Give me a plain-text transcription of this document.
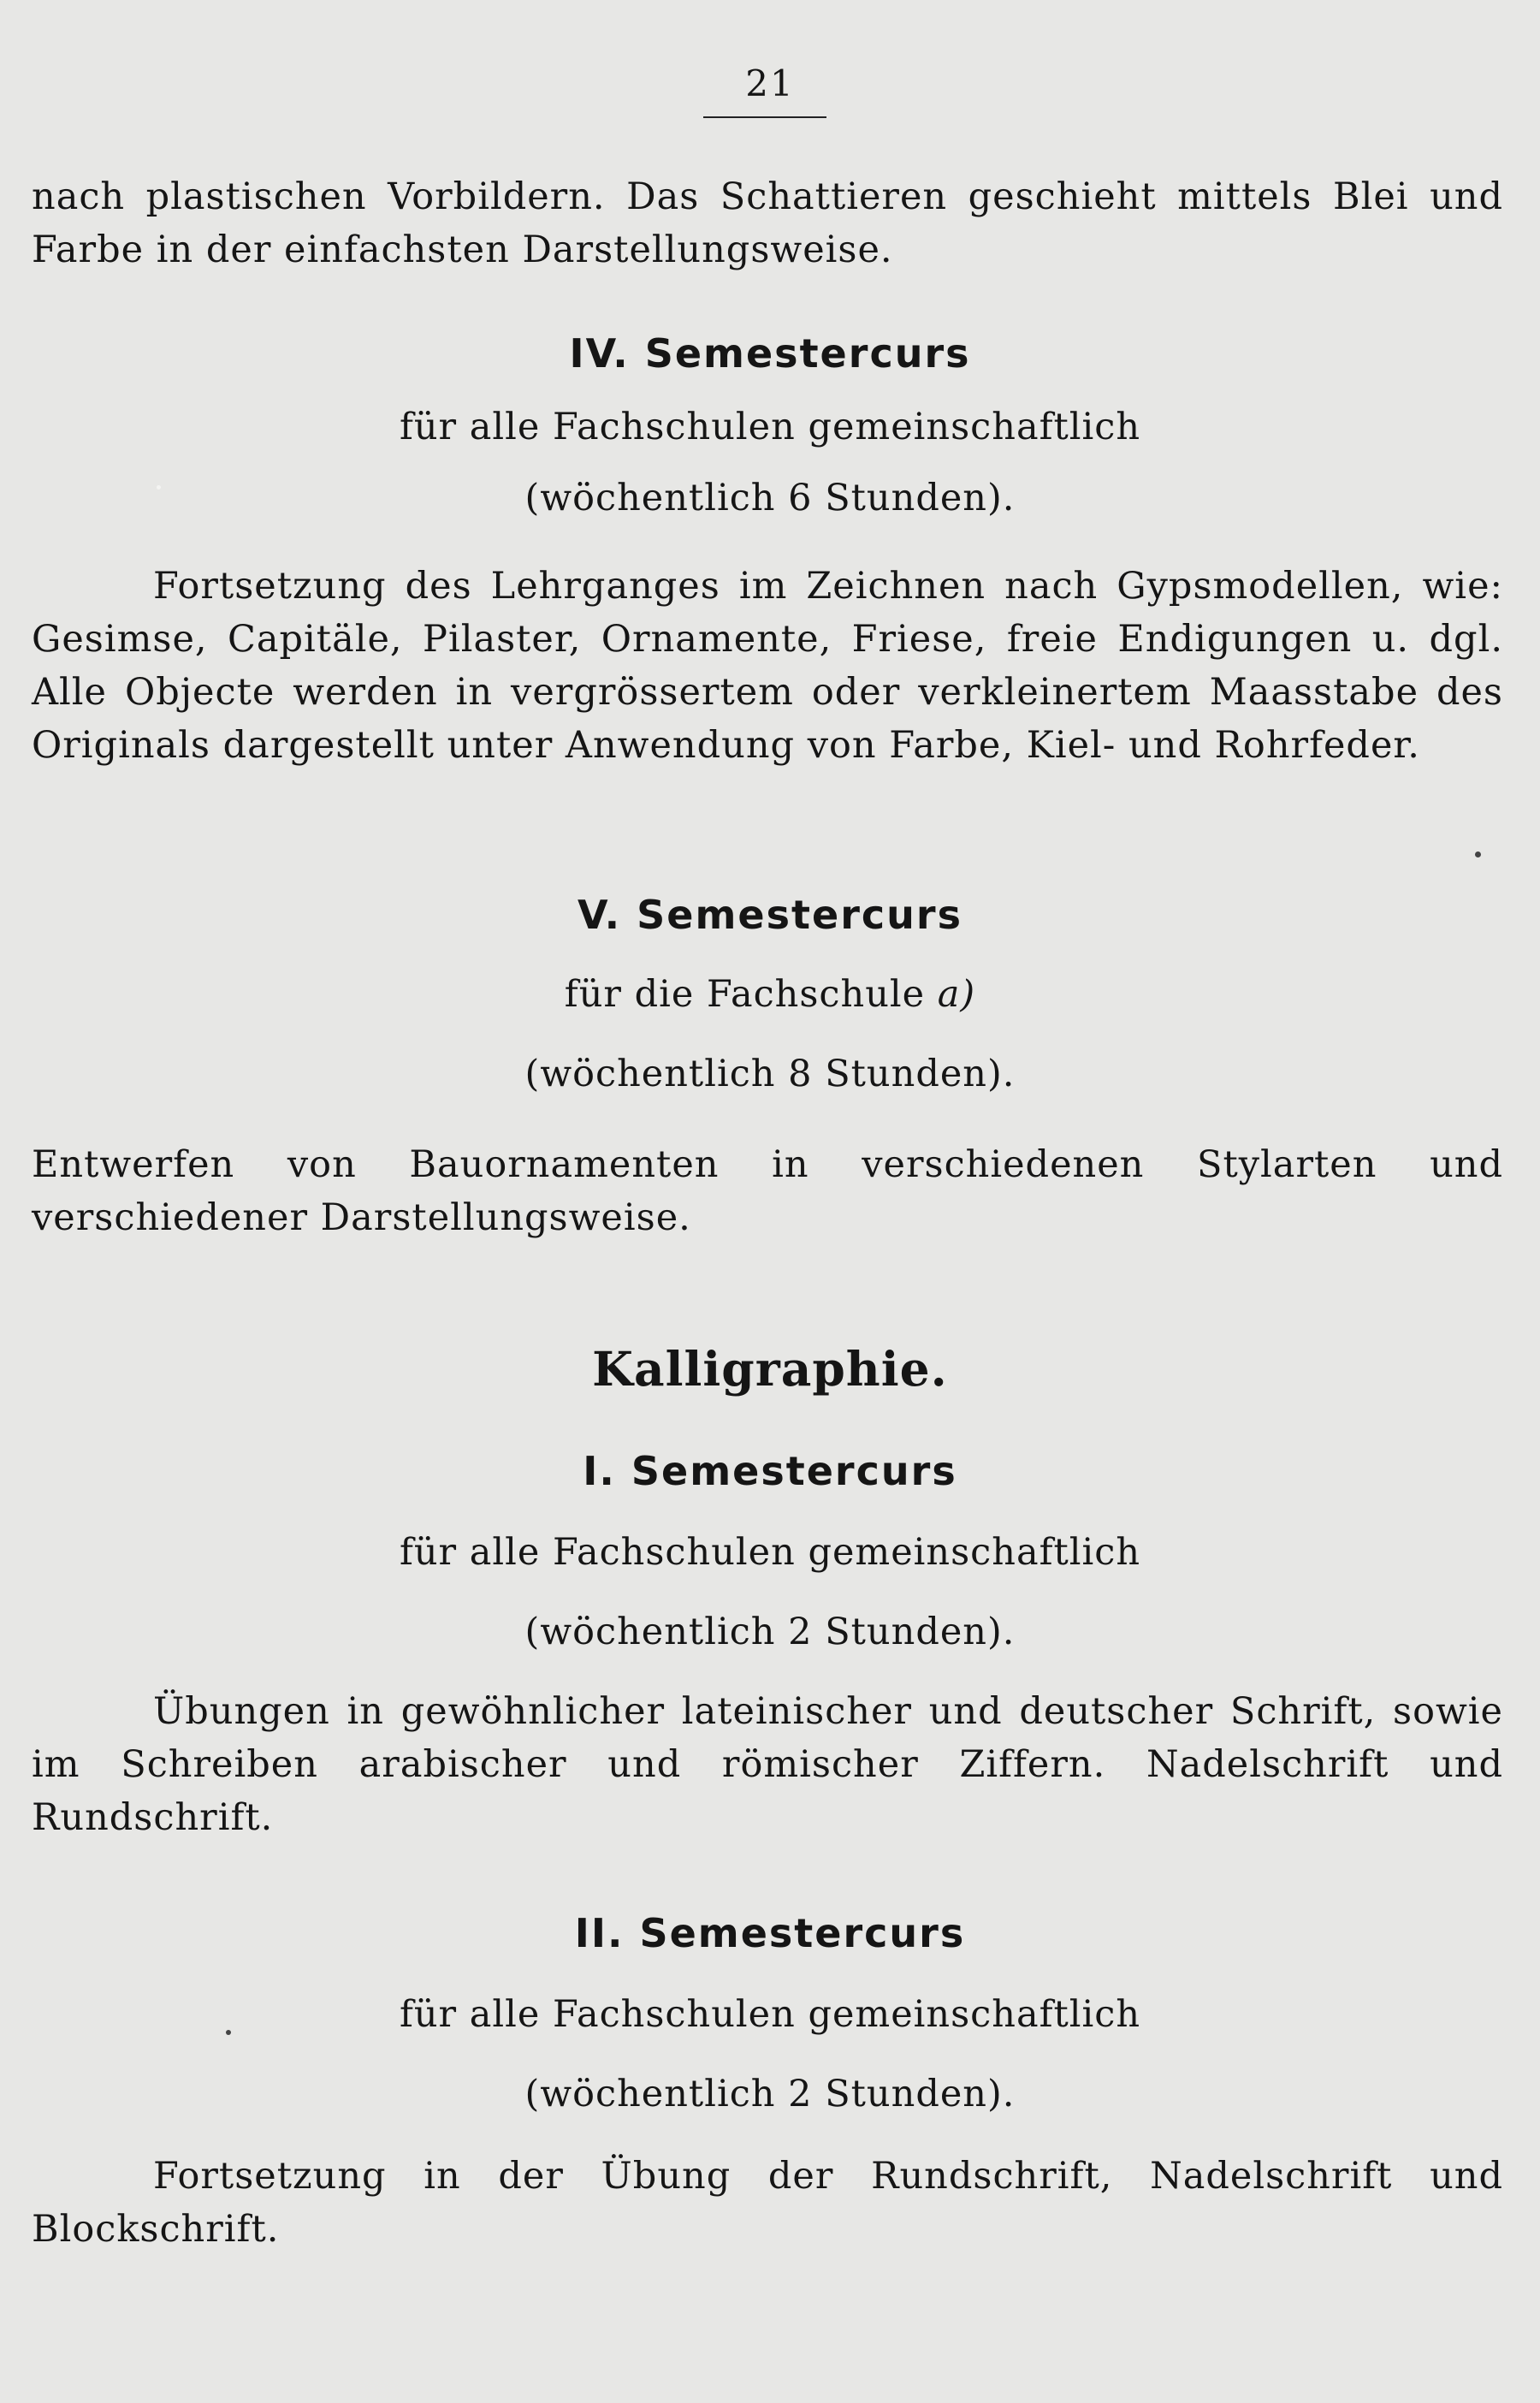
21
nach plastischen Vorbildern. Das Schattieren geschieht mittels Blei und Farbe in der einfachsten Darstellungsweise.
IV. Semestercurs
für alle Fachschulen gemeinschaftlich
(wöchentlich 6 Stunden).
Fortsetzung des Lehrganges im Zeichnen nach Gypsmodellen, wie: Gesimse, Capitäle, Pilaster, Ornamente, Friese, freie Endigungen u. dgl. Alle Objecte werden in vergrössertem oder verkleinertem Maasstabe des Originals dargestellt unter Anwendung von Farbe, Kiel- und Rohrfeder.
V. Semestercurs
für die Fachschule a)
(wöchentlich 8 Stunden).
Entwerfen von Bauornamenten in verschiedenen Stylarten und verschiedener Darstellungsweise.
Kalligraphie.
I. Semestercurs
für alle Fachschulen gemeinschaftlich
(wöchentlich 2 Stunden).
Übungen in gewöhnlicher lateinischer und deutscher Schrift, sowie im Schreiben arabischer und römischer Ziffern. Nadelschrift und Rundschrift.
II. Semestercurs
für alle Fachschulen gemeinschaftlich
(wöchentlich 2 Stunden).
Fortsetzung in der Übung der Rundschrift, Nadelschrift und Blockschrift.
